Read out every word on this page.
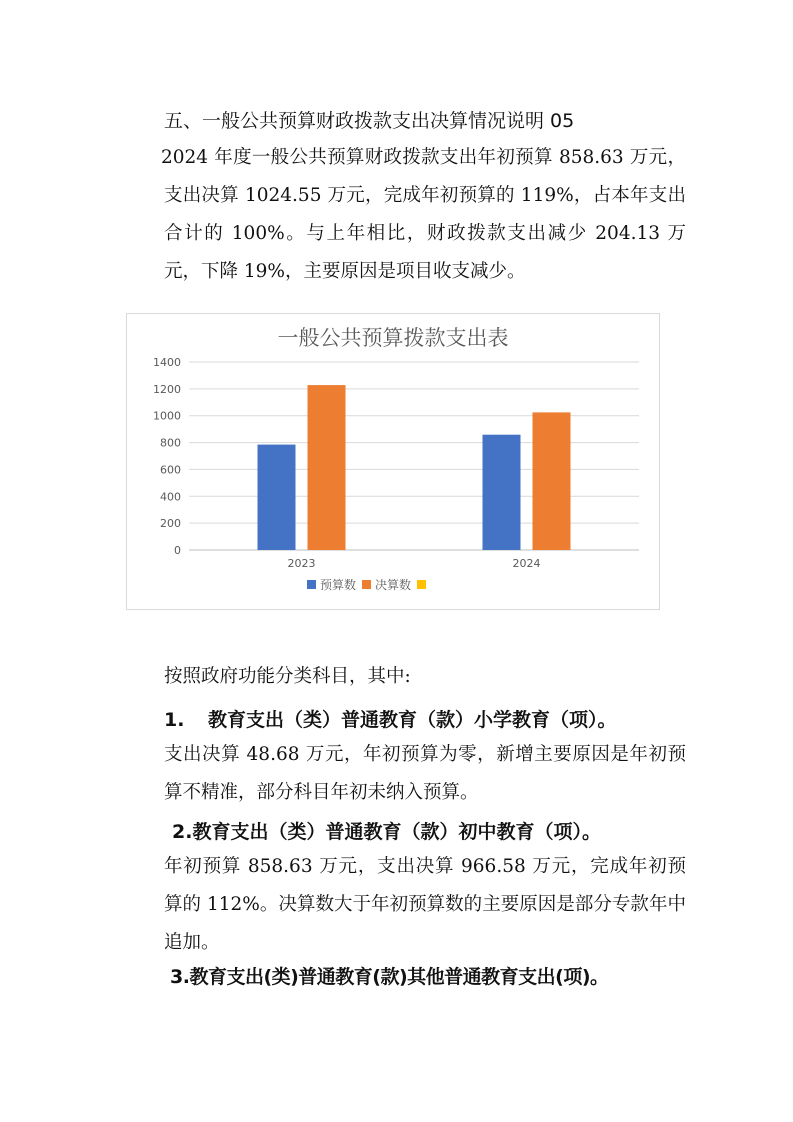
五、一般公共预算财政拨款支出决算情况说明 05
2024 年度一般公共预算财政拨款支出年初预算 858.63 万元，支出决算 1024.55 万元，完成年初预算的 119%，占本年支出合计的 100%。与上年相比，财政拨款支出减少 204.13 万元，下降 19%，主要原因是项目收支减少。
一般公共预算拨款支出表
0
200
400
600
800
1000
1200
1400
2023	2024
预算数 决算数
按照政府功能分类科目，其中:
1. 教育支出（类）普通教育（款）小学教育（项）。
支出决算 48.68 万元，年初预算为零，新增主要原因是年初预算不精准，部分科目年初未纳入预算。
2.教育支出（类）普通教育（款）初中教育（项）。
年初预算 858.63 万元，支出决算 966.58 万元，完成年初预算的 112%。决算数大于年初预算数的主要原因是部分专款年中追加。
3.教育支出(类)普通教育(款)其他普通教育支出(项)。
